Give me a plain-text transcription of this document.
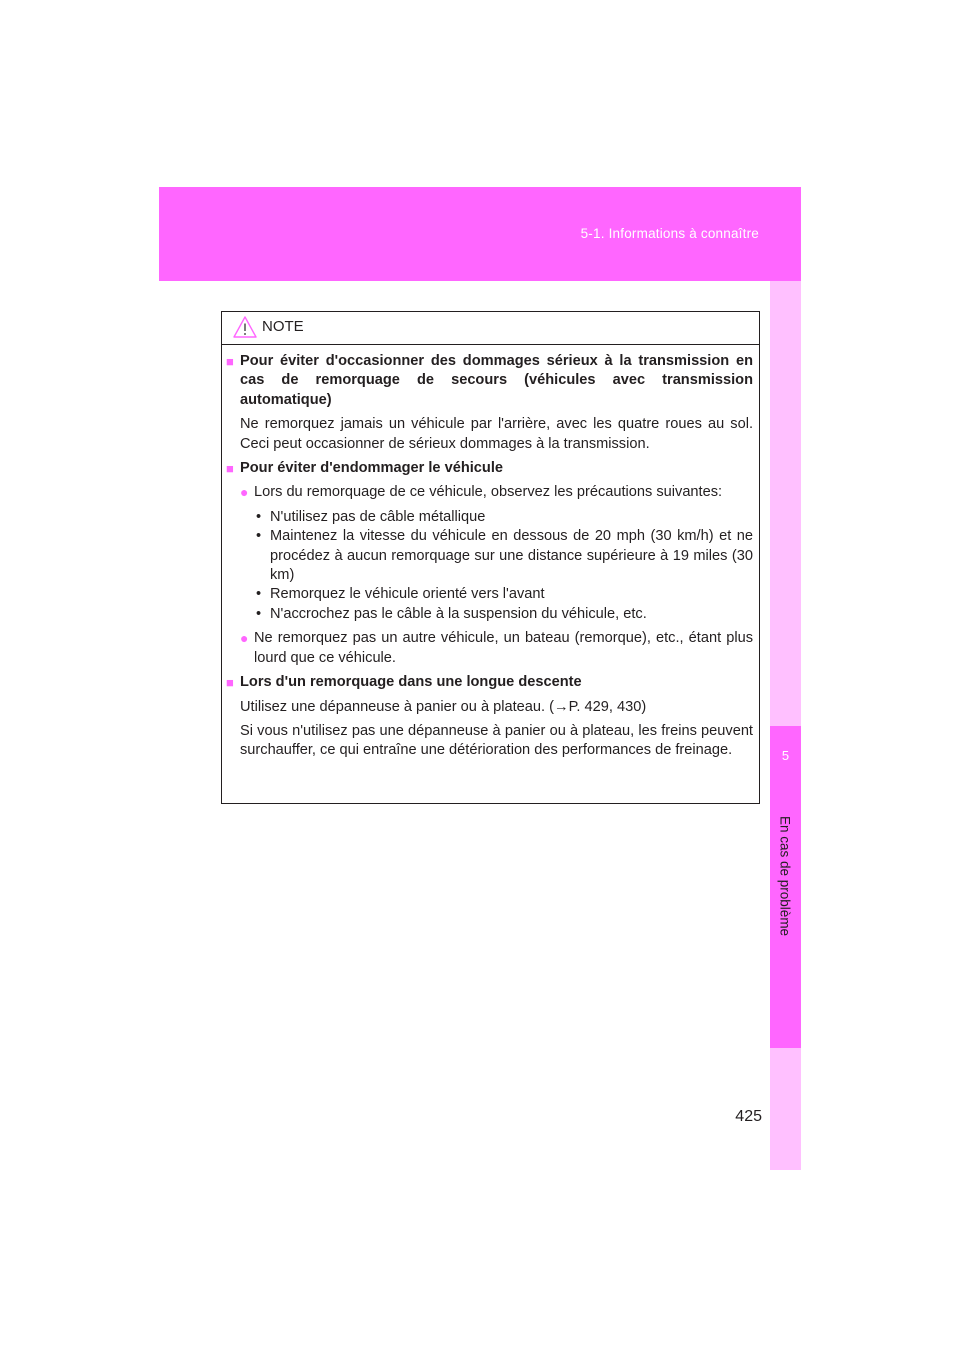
5-1. Informations à connaître
5
En cas de problème
NOTE
■ Pour éviter d'occasionner des dommages sérieux à la transmission en cas de remorquage de secours (véhicules avec transmission automatique)
Ne remorquez jamais un véhicule par l'arrière, avec les quatre roues au sol. Ceci peut occasionner de sérieux dommages à la transmission.
■ Pour éviter d'endommager le véhicule
● Lors du remorquage de ce véhicule, observez les précautions suivantes:
• N'utilisez pas de câble métallique
• Maintenez la vitesse du véhicule en dessous de 20 mph (30 km/h) et ne procédez à aucun remorquage sur une distance supérieure à 19 miles (30 km)
• Remorquez le véhicule orienté vers l'avant
• N'accrochez pas le câble à la suspension du véhicule, etc.
● Ne remorquez pas un autre véhicule, un bateau (remorque), etc., étant plus lourd que ce véhicule.
■ Lors d'un remorquage dans une longue descente
Utilisez une dépanneuse à panier ou à plateau. (→P. 429, 430)
Si vous n'utilisez pas une dépanneuse à panier ou à plateau, les freins peuvent surchauffer, ce qui entraîne une détérioration des performances de freinage.
425
